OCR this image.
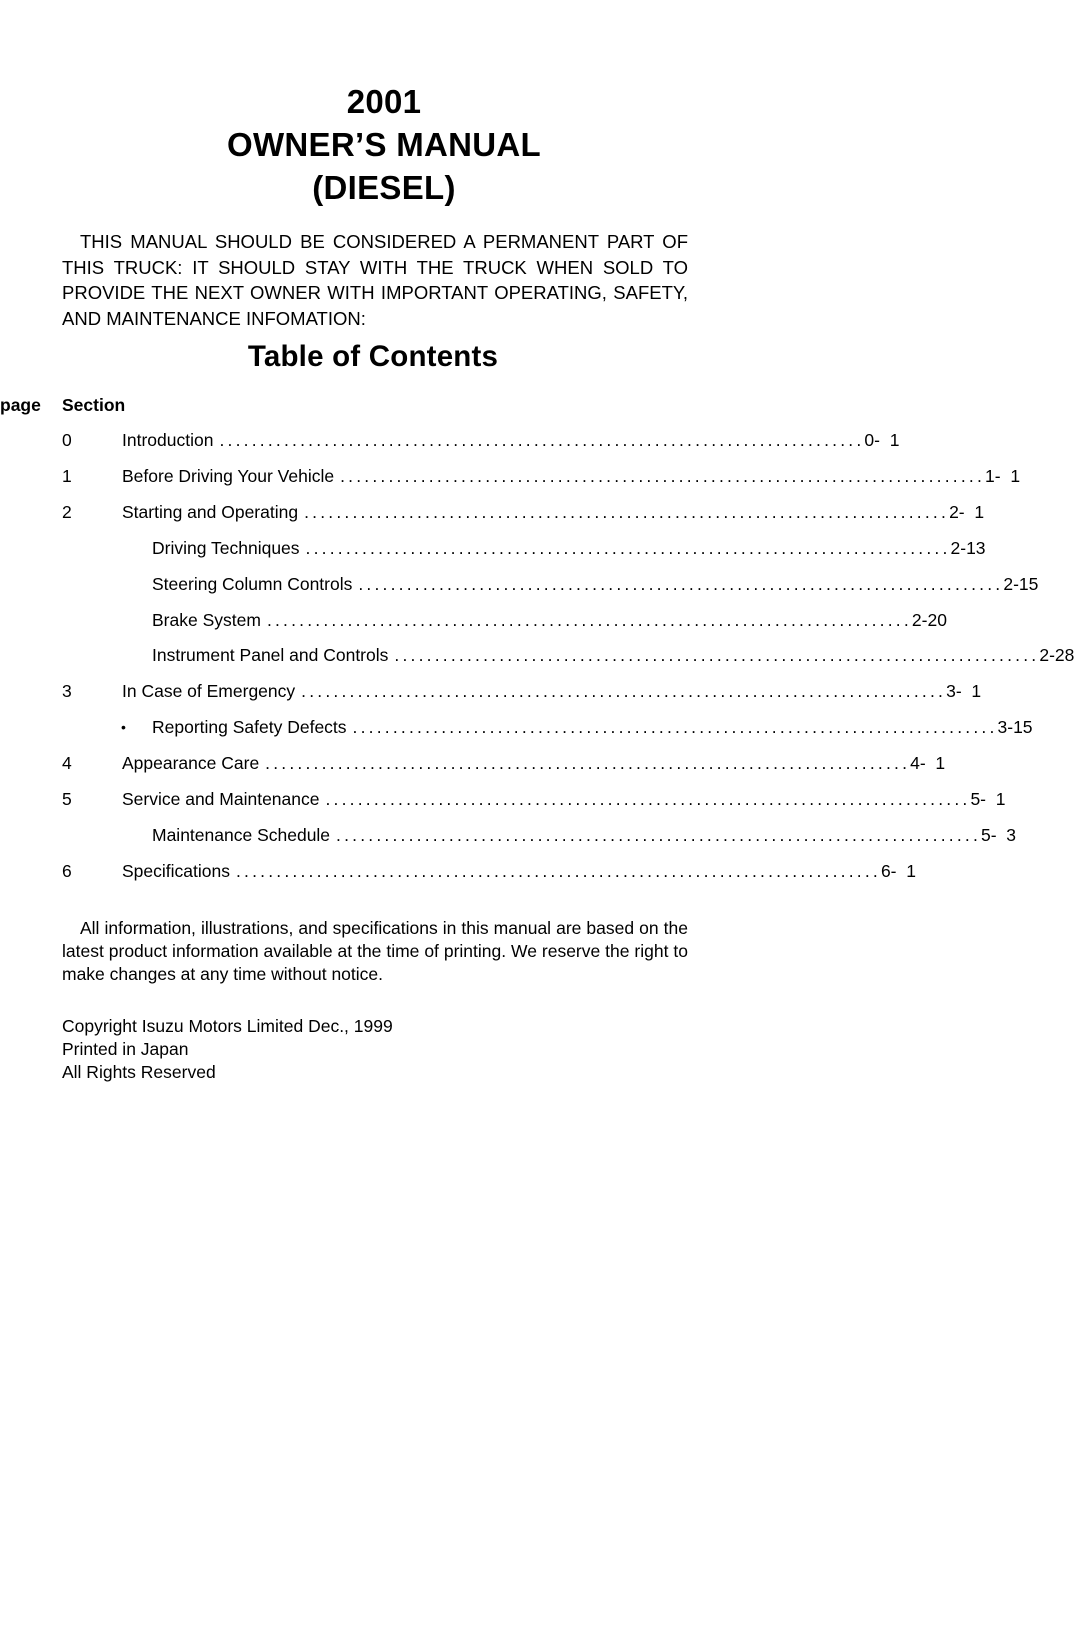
2001
OWNER’S MANUAL
(DIESEL)
THIS MANUAL SHOULD BE CONSIDERED A PERMANENT PART OF THIS TRUCK: IT SHOULD STAY WITH THE TRUCK WHEN SOLD TO PROVIDE THE NEXT OWNER WITH IMPORTANT OPERATING, SAFETY, AND MAINTENANCE INFOMATION:
Table of Contents
Section
page
0	Introduction ................................................................................ 0-  1
1	Before Driving Your Vehicle ................................................................................ 1-  1
2	Starting and Operating ................................................................................ 2-  1
Driving Techniques ................................................................................ 2-13
Steering Column Controls ................................................................................ 2-15
Brake System ................................................................................ 2-20
Instrument Panel and Controls ................................................................................ 2-28
3	In Case of Emergency ................................................................................ 3-  1
• Reporting Safety Defects ................................................................................ 3-15
4	Appearance Care ................................................................................ 4-  1
5	Service and Maintenance ................................................................................ 5-  1
Maintenance Schedule ................................................................................ 5-  3
6	Specifications ................................................................................ 6-  1
All information, illustrations, and specifications in this manual are based on the latest product information available at the time of printing. We reserve the right to make changes at any time without notice.
Copyright Isuzu Motors Limited Dec., 1999
Printed in Japan
All Rights Reserved
